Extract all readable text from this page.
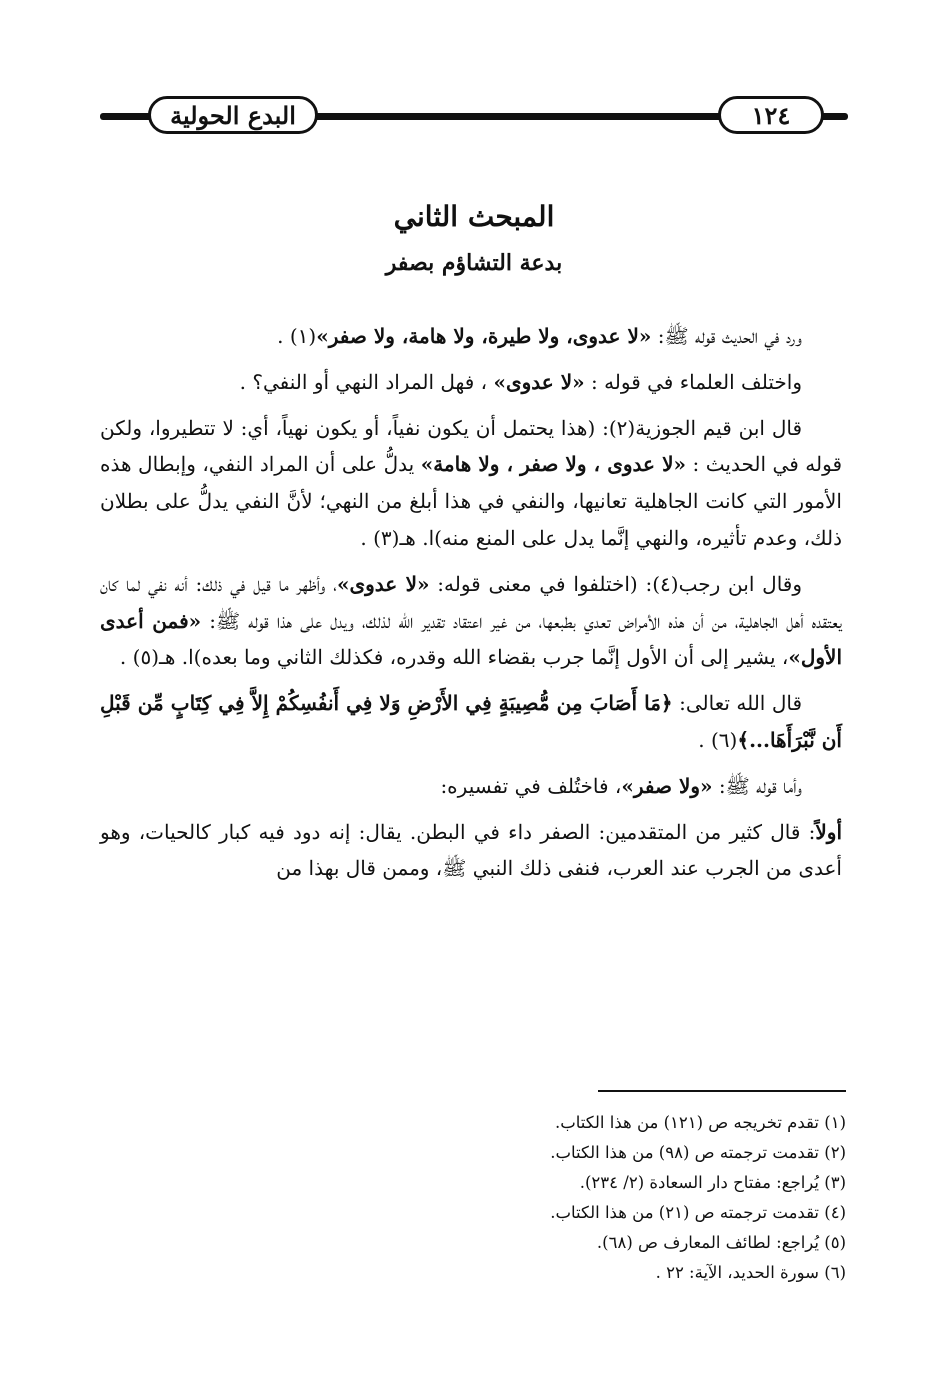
البدع الحولية	١٢٤
المبحث الثاني
بدعة التشاؤم بصفر

ورد في الحديث قوله ﷺ: «لا عدوى، ولا طيرة، ولا هامة، ولا صفر»(١) .

واختلف العلماء في قوله : «لا عدوى» ، فهل المراد النهي أو النفي؟ .

قال ابن قيم الجوزية(٢): (هذا يحتمل أن يكون نفياً، أو يكون نهياً، أي: لا تتطيروا، ولكن قوله في الحديث : «لا عدوى ، ولا صفر ، ولا هامة» يدلُّ على أن المراد النفي، وإبطال هذه الأمور التي كانت الجاهلية تعانيها، والنفي في هذا أبلغ من النهي؛ لأنَّ النفي يدلُّ على بطلان ذلك، وعدم تأثيره، والنهي إنَّما يدل على المنع منه)ا. هـ(٣) .

وقال ابن رجب(٤): (اختلفوا في معنى قوله: «لا عدوى»، وأظهر ما قيل في ذلك: أنه نفي لما كان يعتقده أهل الجاهلية، من أن هذه الأمراض تعدي بطبعها، من غير اعتقاد تقدير الله لذلك، ويدل على هذا قوله ﷺ: «فمن أعدى الأول»، يشير إلى أن الأول إنَّما جرب بقضاء الله وقدره، فكذلك الثاني وما بعده)ا. هـ(٥) .

قال الله تعالى: ﴿مَا أَصَابَ مِن مُّصِيبَةٍ فِي الأَرْضِ وَلا فِي أَنفُسِكُمْ إِلاَّ فِي كِتَابٍ مِّن قَبْلِ أَن نَّبْرَأَهَا...﴾(٦) .

وأما قوله ﷺ: «ولا صفر»، فاختُلف في تفسيره:

أولاً: قال كثير من المتقدمين: الصفر داء في البطن. يقال: إنه دود فيه كبار كالحيات، وهو أعدى من الجرب عند العرب، فنفى ذلك النبي ﷺ، وممن قال بهذا من

(١) تقدم تخريجه ص (١٢١) من هذا الكتاب.
(٢) تقدمت ترجمته ص (٩٨) من هذا الكتاب.
(٣) يُراجع: مفتاح دار السعادة (٢/ ٢٣٤).
(٤) تقدمت ترجمته ص (٢١) من هذا الكتاب.
(٥) يُراجع: لطائف المعارف ص (٦٨).
(٦) سورة الحديد، الآية: ٢٢ .
